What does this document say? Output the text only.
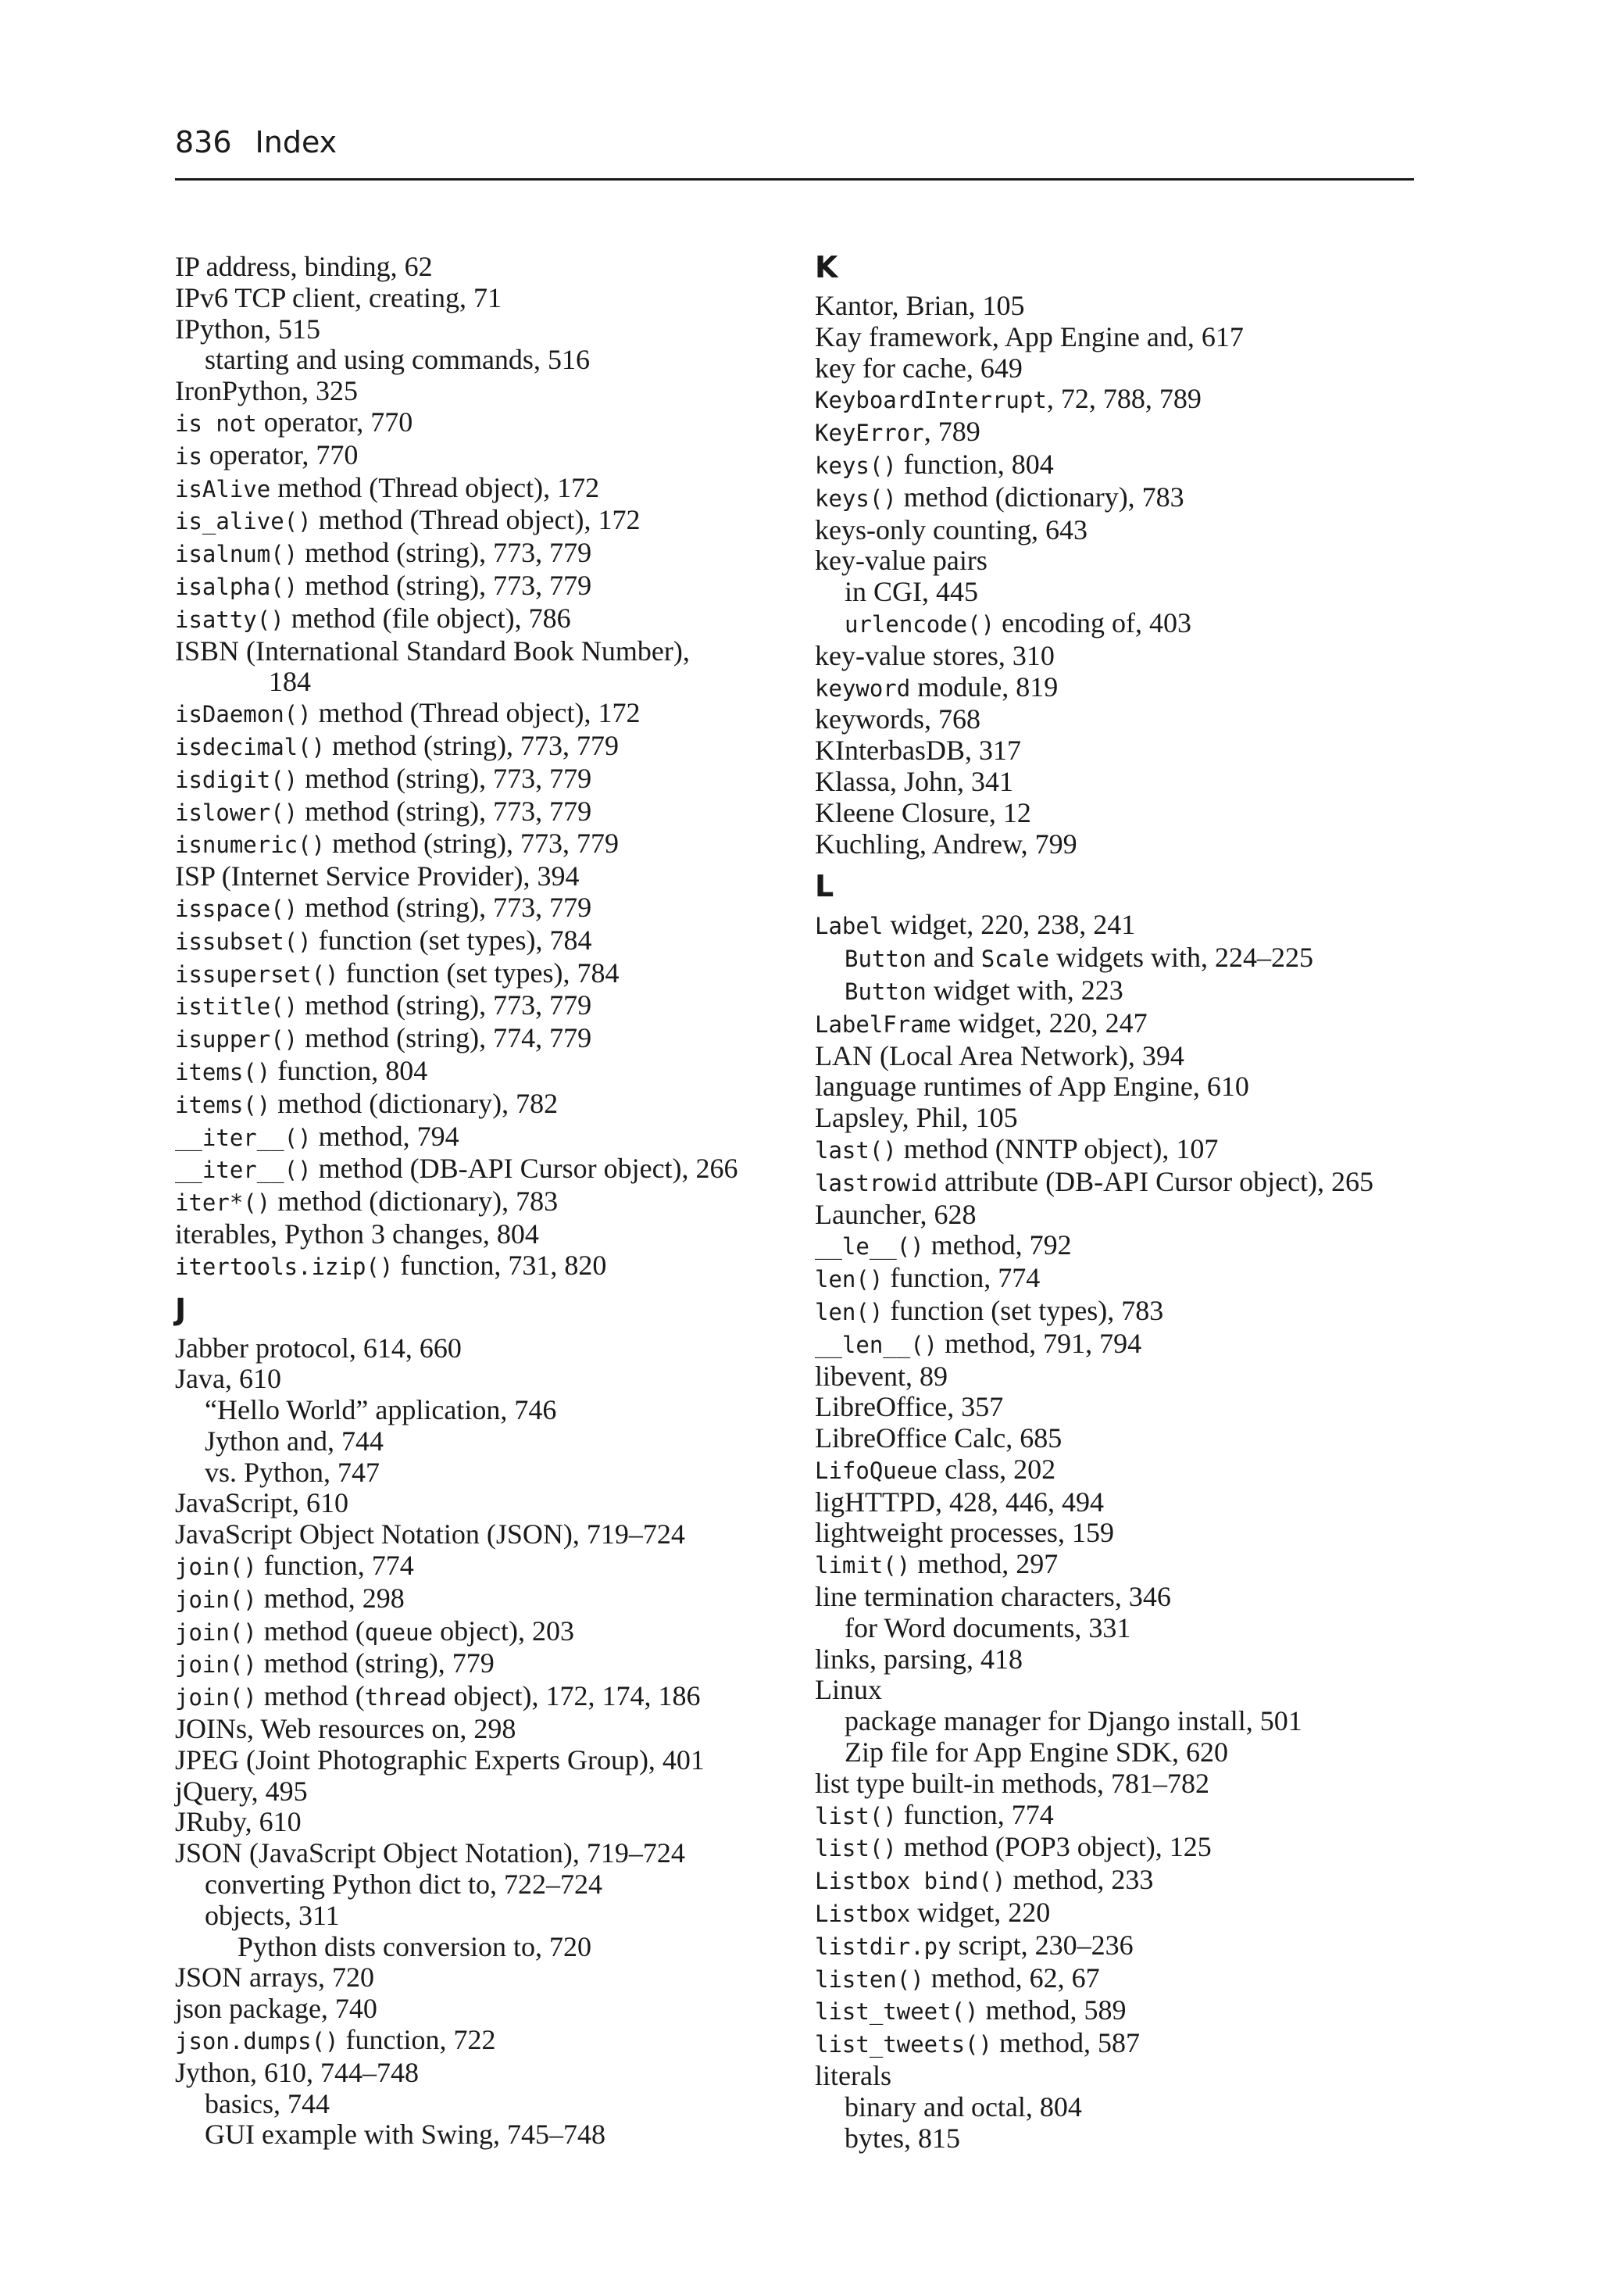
836 Index
IP address, binding, 62
IPv6 TCP client, creating, 71
IPython, 515
starting and using commands, 516
IronPython, 325
is not operator, 770
is operator, 770
isAlive method (Thread object), 172
is_alive() method (Thread object), 172
isalnum() method (string), 773, 779
isalpha() method (string), 773, 779
isatty() method (file object), 786
ISBN (International Standard Book Number),
184
isDaemon() method (Thread object), 172
isdecimal() method (string), 773, 779
isdigit() method (string), 773, 779
islower() method (string), 773, 779
isnumeric() method (string), 773, 779
ISP (Internet Service Provider), 394
isspace() method (string), 773, 779
issubset() function (set types), 784
issuperset() function (set types), 784
istitle() method (string), 773, 779
isupper() method (string), 774, 779
items() function, 804
items() method (dictionary), 782
__iter__() method, 794
__iter__() method (DB-API Cursor object), 266
iter*() method (dictionary), 783
iterables, Python 3 changes, 804
itertools.izip() function, 731, 820
J
Jabber protocol, 614, 660
Java, 610
“Hello World” application, 746
Jython and, 744
vs. Python, 747
JavaScript, 610
JavaScript Object Notation (JSON), 719–724
join() function, 774
join() method, 298
join() method (queue object), 203
join() method (string), 779
join() method (thread object), 172, 174, 186
JOINs, Web resources on, 298
JPEG (Joint Photographic Experts Group), 401
jQuery, 495
JRuby, 610
JSON (JavaScript Object Notation), 719–724
converting Python dict to, 722–724
objects, 311
Python dists conversion to, 720
JSON arrays, 720
json package, 740
json.dumps() function, 722
Jython, 610, 744–748
basics, 744
GUI example with Swing, 745–748
K
Kantor, Brian, 105
Kay framework, App Engine and, 617
key for cache, 649
KeyboardInterrupt, 72, 788, 789
KeyError, 789
keys() function, 804
keys() method (dictionary), 783
keys-only counting, 643
key-value pairs
in CGI, 445
urlencode() encoding of, 403
key-value stores, 310
keyword module, 819
keywords, 768
KInterbasDB, 317
Klassa, John, 341
Kleene Closure, 12
Kuchling, Andrew, 799
L
Label widget, 220, 238, 241
Button and Scale widgets with, 224–225
Button widget with, 223
LabelFrame widget, 220, 247
LAN (Local Area Network), 394
language runtimes of App Engine, 610
Lapsley, Phil, 105
last() method (NNTP object), 107
lastrowid attribute (DB-API Cursor object), 265
Launcher, 628
__le__() method, 792
len() function, 774
len() function (set types), 783
__len__() method, 791, 794
libevent, 89
LibreOffice, 357
LibreOffice Calc, 685
LifoQueue class, 202
ligHTTPD, 428, 446, 494
lightweight processes, 159
limit() method, 297
line termination characters, 346
for Word documents, 331
links, parsing, 418
Linux
package manager for Django install, 501
Zip file for App Engine SDK, 620
list type built-in methods, 781–782
list() function, 774
list() method (POP3 object), 125
Listbox bind() method, 233
Listbox widget, 220
listdir.py script, 230–236
listen() method, 62, 67
list_tweet() method, 589
list_tweets() method, 587
literals
binary and octal, 804
bytes, 815
